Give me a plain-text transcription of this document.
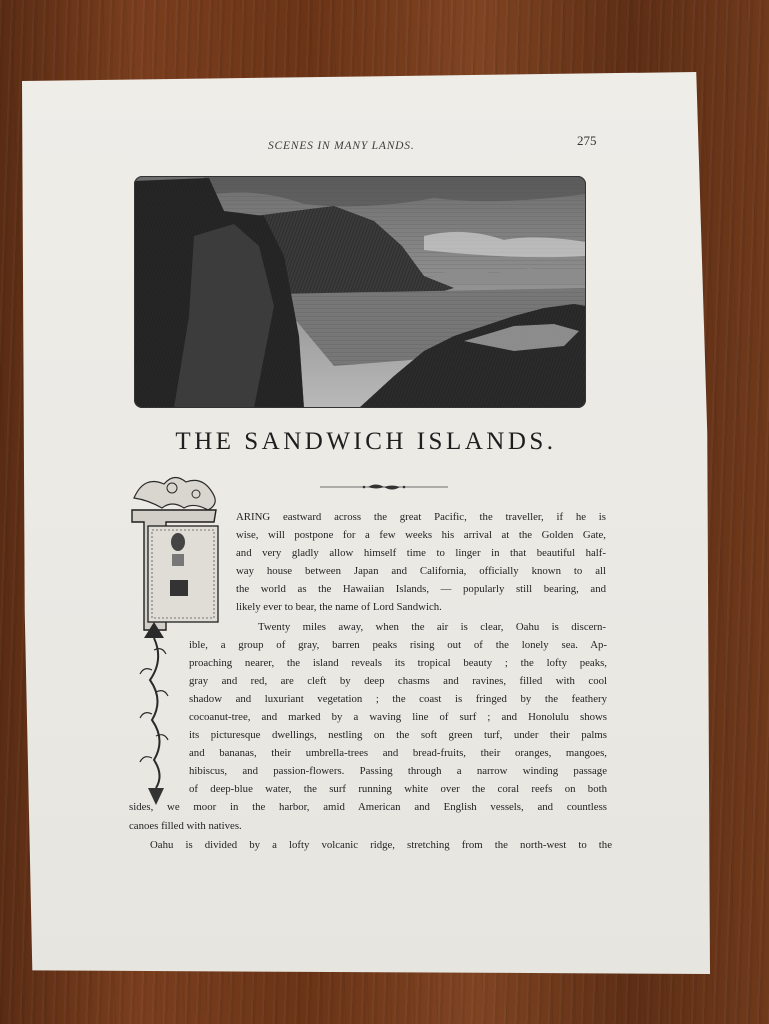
SCENES IN MANY LANDS.	275
THE SANDWICH ISLANDS.
ARING eastward across the great Pacific, the traveller, if he is
wise, will postpone for a few weeks his arrival at the Golden Gate,
and very gladly allow himself time to linger in that beautiful half-
way house between Japan and California, officially known to all
the world as the Hawaiian Islands, — popularly still bearing, and
likely ever to bear, the name of Lord Sandwich.
Twenty miles away, when the air is clear, Oahu is discern-
ible, a group of gray, barren peaks rising out of the lonely sea. Ap-
proaching nearer, the island reveals its tropical beauty ; the lofty peaks,
gray and red, are cleft by deep chasms and ravines, filled with cool
shadow and luxuriant vegetation ; the coast is fringed by the feathery
cocoanut-tree, and marked by a waving line of surf ; and Honolulu shows
its picturesque dwellings, nestling on the soft green turf, under their palms
and bananas, their umbrella-trees and bread-fruits, their oranges, mangoes,
hibiscus, and passion-flowers. Passing through a narrow winding passage
of deep-blue water, the surf running white over the coral reefs on both
sides, we moor in the harbor, amid American and English vessels, and countless
canoes filled with natives.
Oahu is divided by a lofty volcanic ridge, stretching from the north-west to the
